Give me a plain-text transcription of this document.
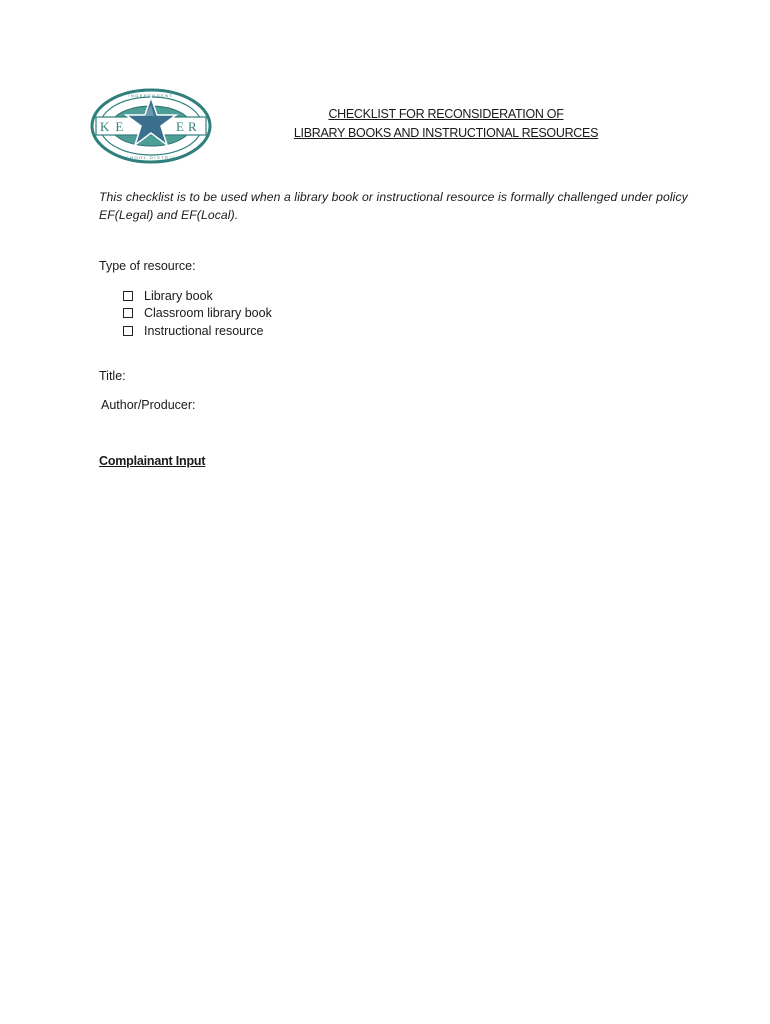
KE	ER
INDEPENDENT
SCHOOL DISTRICT
CHECKLIST FOR RECONSIDERATION OF
LIBRARY BOOKS AND INSTRUCTIONAL RESOURCES
This checklist is to be used when a library book or instructional resource is formally challenged under policy EF(Legal) and EF(Local).
Type of resource:
Library book
Classroom library book
Instructional resource
Title:
Author/Producer:
Complainant Input
